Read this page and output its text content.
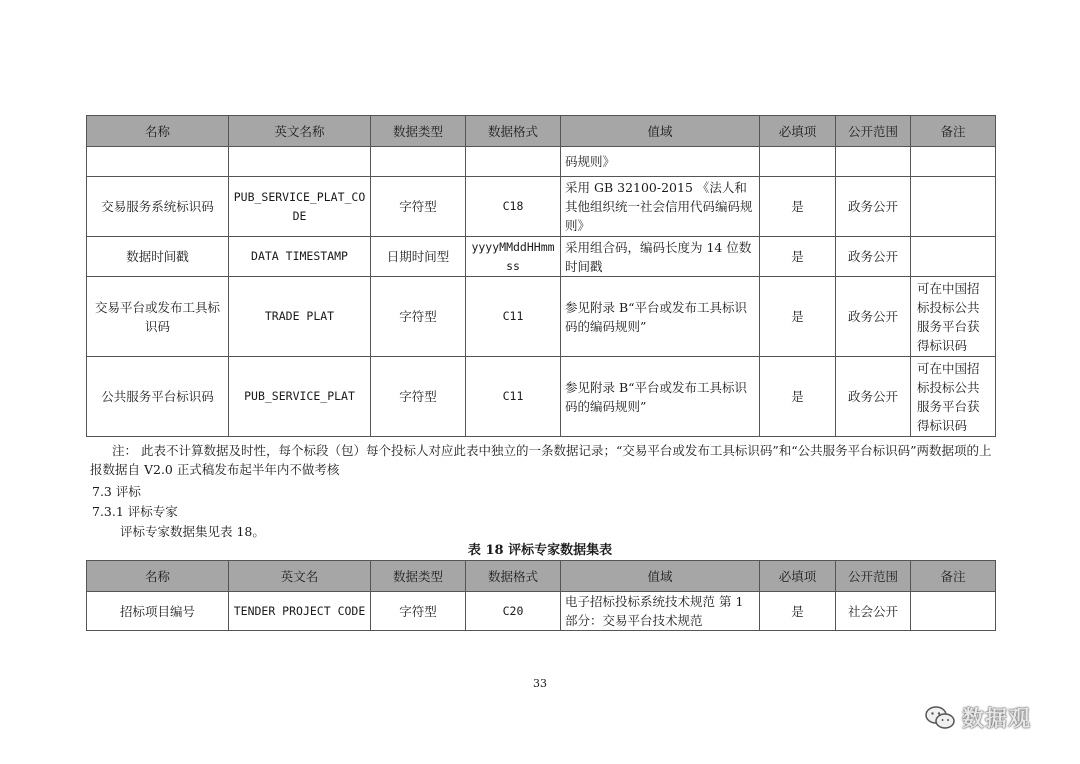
名称	英文名称	数据类型	数据格式	值域	必填项	公开范围	备注
				码规则》			
交易服务系统标识码	PUB_SERVICE_PLAT_CODE	字符型	C18	采用 GB 32100-2015 《法人和其他组织统一社会信用代码编码规则》	是	政务公开	
数据时间戳	DATA TIMESTAMP	日期时间型	yyyyMMddHHmmss	采用组合码，编码长度为 14 位数时间戳	是	政务公开	
交易平台或发布工具标识码	TRADE PLAT	字符型	C11	参见附录 B“平台或发布工具标识码的编码规则”	是	政务公开	可在中国招标投标公共服务平台获得标识码
公共服务平台标识码	PUB_SERVICE_PLAT	字符型	C11	参见附录 B“平台或发布工具标识码的编码规则”	是	政务公开	可在中国招标投标公共服务平台获得标识码
注： 此表不计算数据及时性，每个标段（包）每个投标人对应此表中独立的一条数据记录；“交易平台或发布工具标识码”和“公共服务平台标识码”两数据项的上报数据自 V2.0 正式稿发布起半年内不做考核
7.3 评标
7.3.1 评标专家
评标专家数据集见表 18。
表 18 评标专家数据集表
名称	英文名	数据类型	数据格式	值域	必填项	公开范围	备注
招标项目编号	TENDER PROJECT CODE	字符型	C20	电子招标投标系统技术规范 第 1 部分：交易平台技术规范	是	社会公开	
33
数据观
